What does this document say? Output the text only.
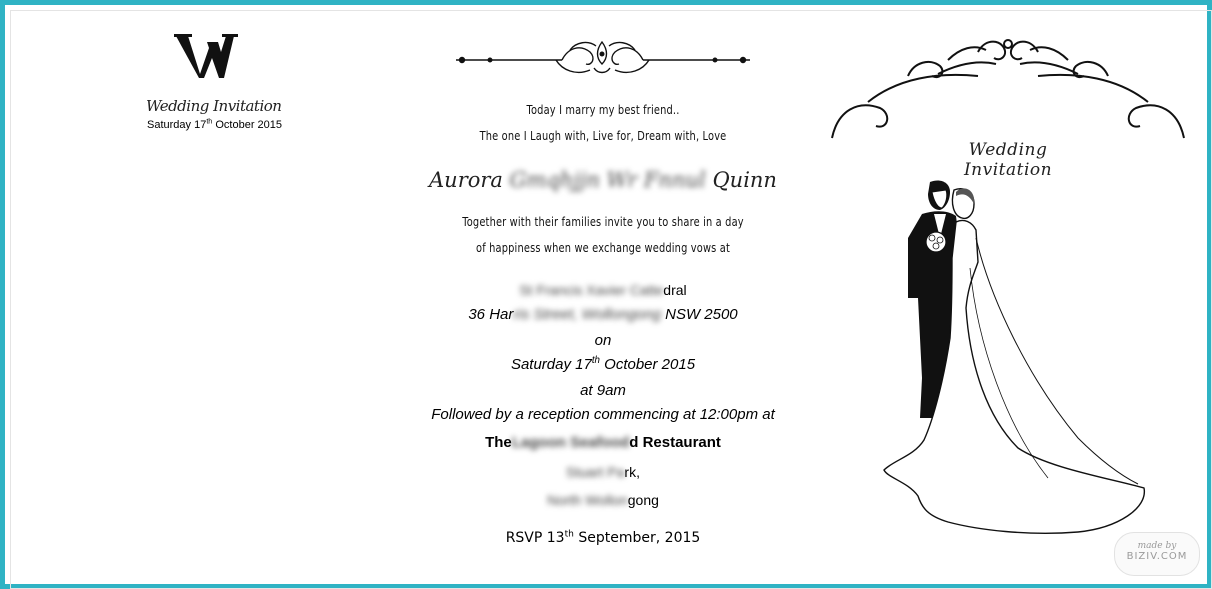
Wedding Invitation
Saturday 17th October 2015
Today I marry my best friend..
The one I Laugh with, Live for, Dream with, Love
Aurora Gmqhjjn Wr Fnnul Quinn
Together with their families invite you to share in a day
of happiness when we exchange wedding vows at
St Francis Xavier Cattedral
36 Harris Street, Wollongong NSW 2500
on
Saturday 17th October 2015
at 9am
Followed by a reception commencing at 12:00pm at
TheLagoon Seafoodd Restaurant
Stuart Park,
North Wollongong
RSVP 13th September, 2015
Wedding Invitation
made by
BIZIV.COM
